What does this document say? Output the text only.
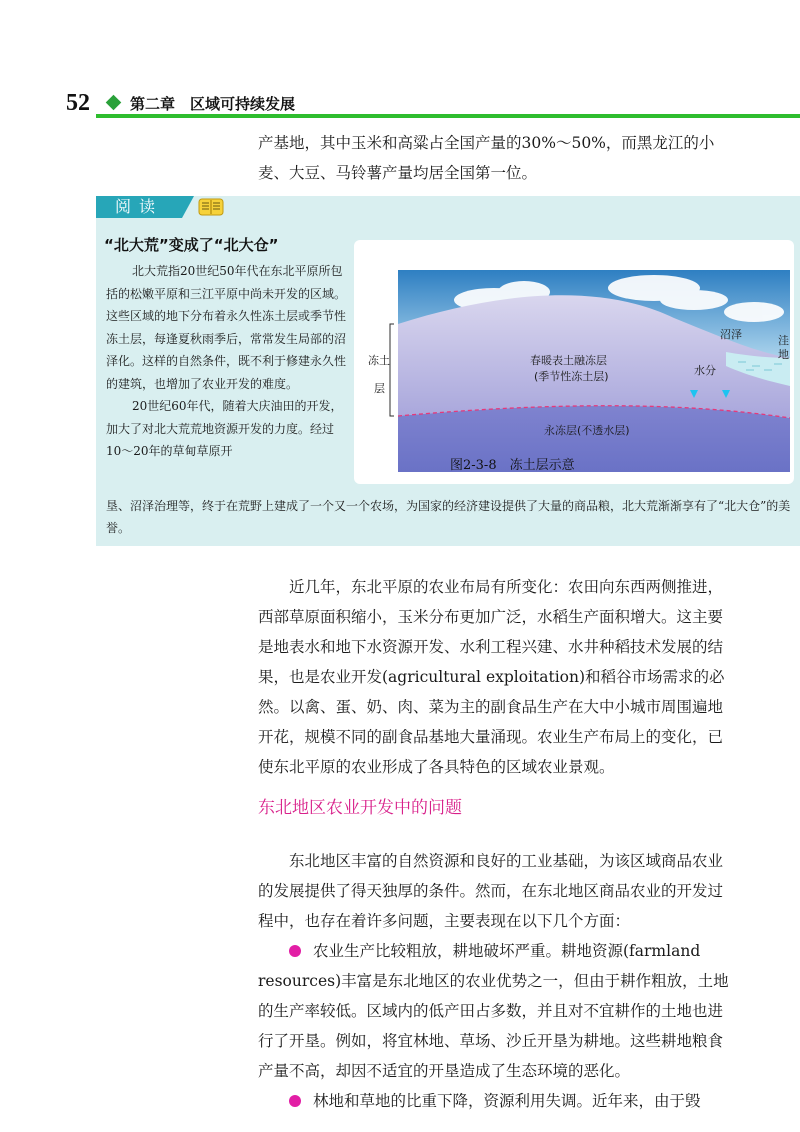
52	第二章　区域可持续发展

产基地，其中玉米和高粱占全国产量的30%～50%，而黑龙江的小麦、大豆、马铃薯产量均居全国第一位。

阅读
“北大荒”变成了“北大仓”

北大荒指20世纪50年代在东北平原所包括的松嫩平原和三江平原中尚未开发的区域。这些区域的地下分布着永久性冻土层或季节性冻土层，每逢夏秋雨季后，常常发生局部的沼泽化。这样的自然条件，既不利于修建永久性的建筑，也增加了农业开发的难度。

20世纪60年代，随着大庆油田的开发，加大了对北大荒荒地资源开发的力度。经过10～20年的草甸草原开

垦、沼泽治理等，终于在荒野上建成了一个又一个农场，为国家的经济建设提供了大量的商品粮，北大荒渐渐享有了“北大仓”的美誉。

冻土
层
春暖表土融冻层
(季节性冻土层)
永冻层(不透水层)
水分
沼泽	洼
地
图2-3-8　冻土层示意

近几年，东北平原的农业布局有所变化：农田向东西两侧推进，西部草原面积缩小，玉米分布更加广泛，水稻生产面积增大。这主要是地表水和地下水资源开发、水利工程兴建、水井种稻技术发展的结果，也是农业开发(agricultural exploitation)和稻谷市场需求的必然。以禽、蛋、奶、肉、菜为主的副食品生产在大中小城市周围遍地开花，规模不同的副食品基地大量涌现。农业生产布局上的变化，已使东北平原的农业形成了各具特色的区域农业景观。

东北地区农业开发中的问题

东北地区丰富的自然资源和良好的工业基础，为该区域商品农业的发展提供了得天独厚的条件。然而，在东北地区商品农业的开发过程中，也存在着许多问题，主要表现在以下几个方面：

农业生产比较粗放，耕地破坏严重。耕地资源(farmland resources)丰富是东北地区的农业优势之一，但由于耕作粗放，土地的生产率较低。区域内的低产田占多数，并且对不宜耕作的土地也进行了开垦。例如，将宜林地、草场、沙丘开垦为耕地。这些耕地粮食产量不高，却因不适宜的开垦造成了生态环境的恶化。

林地和草地的比重下降，资源利用失调。近年来，由于毁
